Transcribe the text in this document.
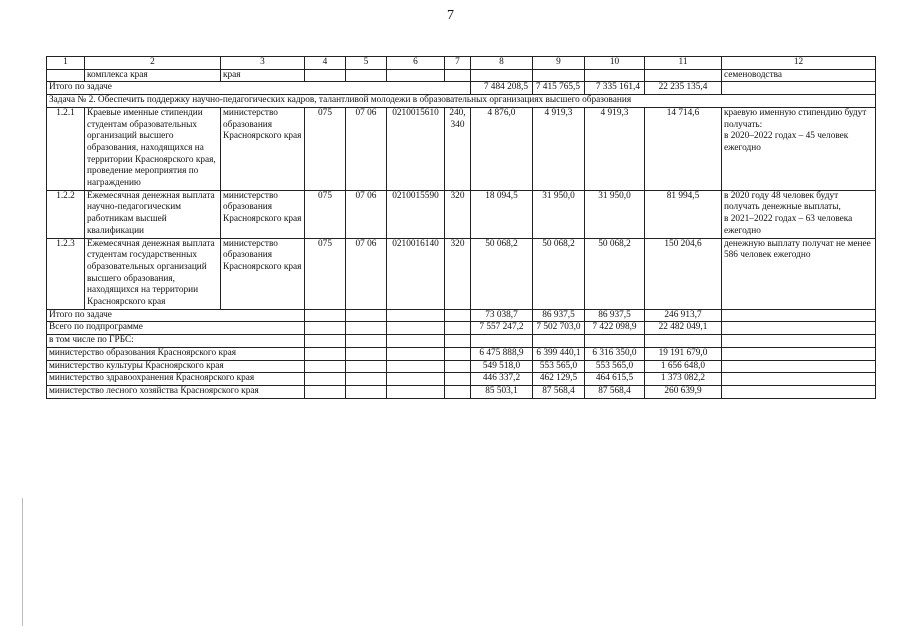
7
1	2	3	4	5	6	7	8	9	10	11	12
	комплекса края	края									семеноводства
Итого по задаче							7 484 208,5	7 415 765,5	7 335 161,4	22 235 135,4	
Задача № 2. Обеспечить поддержку научно-педагогических кадров, талантливой молодежи в образовательных организациях высшего образования											
1.2.1	Краевые именные стипендии студентам образовательных организаций высшего образования, находящихся на территории Красноярского края, проведение мероприятия по награждению	министерство образования Красноярского края	075	07 06	0210015610	240, 340	4 876,0	4 919,3	4 919,3	14 714,6	краевую именную стипендию будут получать:
в 2020–2022 годах – 45 человек ежегодно
1.2.2	Ежемесячная денежная выплата научно-педагогическим работникам высшей квалификации	министерство образования Красноярского края	075	07 06	0210015590	320	18 094,5	31 950,0	31 950,0	81 994,5	в 2020 году 48 человек будут получать денежные выплаты,
в 2021–2022 годах – 63 человека ежегодно
1.2.3	Ежемесячная денежная выплата студентам государственных образовательных организаций высшего образования, находящихся на территории Красноярского края	министерство образования Красноярского края	075	07 06	0210016140	320	50 068,2	50 068,2	50 068,2	150 204,6	денежную выплату получат не менее 586 человек ежегодно
Итого по задаче							73 038,7	86 937,5	86 937,5	246 913,7	
Всего по подпрограмме							7 557 247,2	7 502 703,0	7 422 098,9	22 482 049,1	
в том числе по ГРБС:											
министерство образования Красноярского края							6 475 888,9	6 399 440,1	6 316 350,0	19 191 679,0	
министерство культуры Красноярского края							549 518,0	553 565,0	553 565,0	1 656 648,0	
министерство здравоохранения Красноярского края							446 337,2	462 129,5	464 615,5	1 373 082,2	
министерство лесного хозяйства Красноярского края							85 503,1	87 568,4	87 568,4	260 639,9	
